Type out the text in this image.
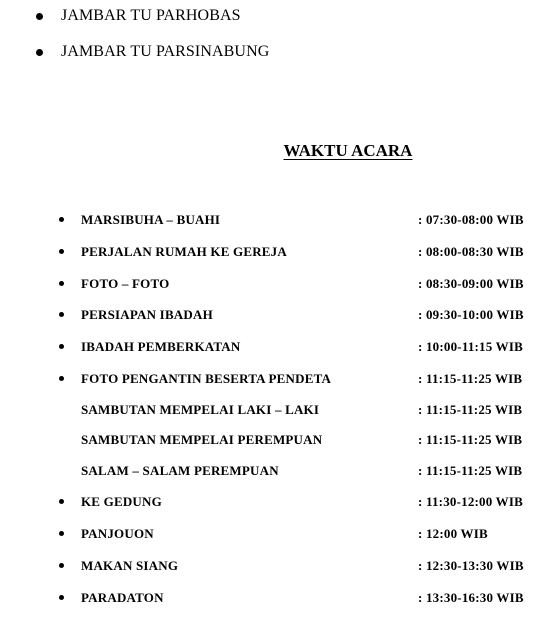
JAMBAR TU PARHOBAS
JAMBAR TU PARSINABUNG
WAKTU ACARA
MARSIBUHA – BUAHI	: 07:30-08:00 WIB
PERJALAN RUMAH KE GEREJA	: 08:00-08:30 WIB
FOTO – FOTO	: 08:30-09:00 WIB
PERSIAPAN IBADAH	: 09:30-10:00 WIB
IBADAH PEMBERKATAN	: 10:00-11:15 WIB
FOTO PENGANTIN BESERTA PENDETA	: 11:15-11:25 WIB
SAMBUTAN MEMPELAI LAKI – LAKI	: 11:15-11:25 WIB
SAMBUTAN MEMPELAI PEREMPUAN	: 11:15-11:25 WIB
SALAM – SALAM PEREMPUAN	: 11:15-11:25 WIB
KE GEDUNG	: 11:30-12:00 WIB
PANJOUON	: 12:00 WIB
MAKAN SIANG	: 12:30-13:30 WIB
PARADATON	: 13:30-16:30 WIB
